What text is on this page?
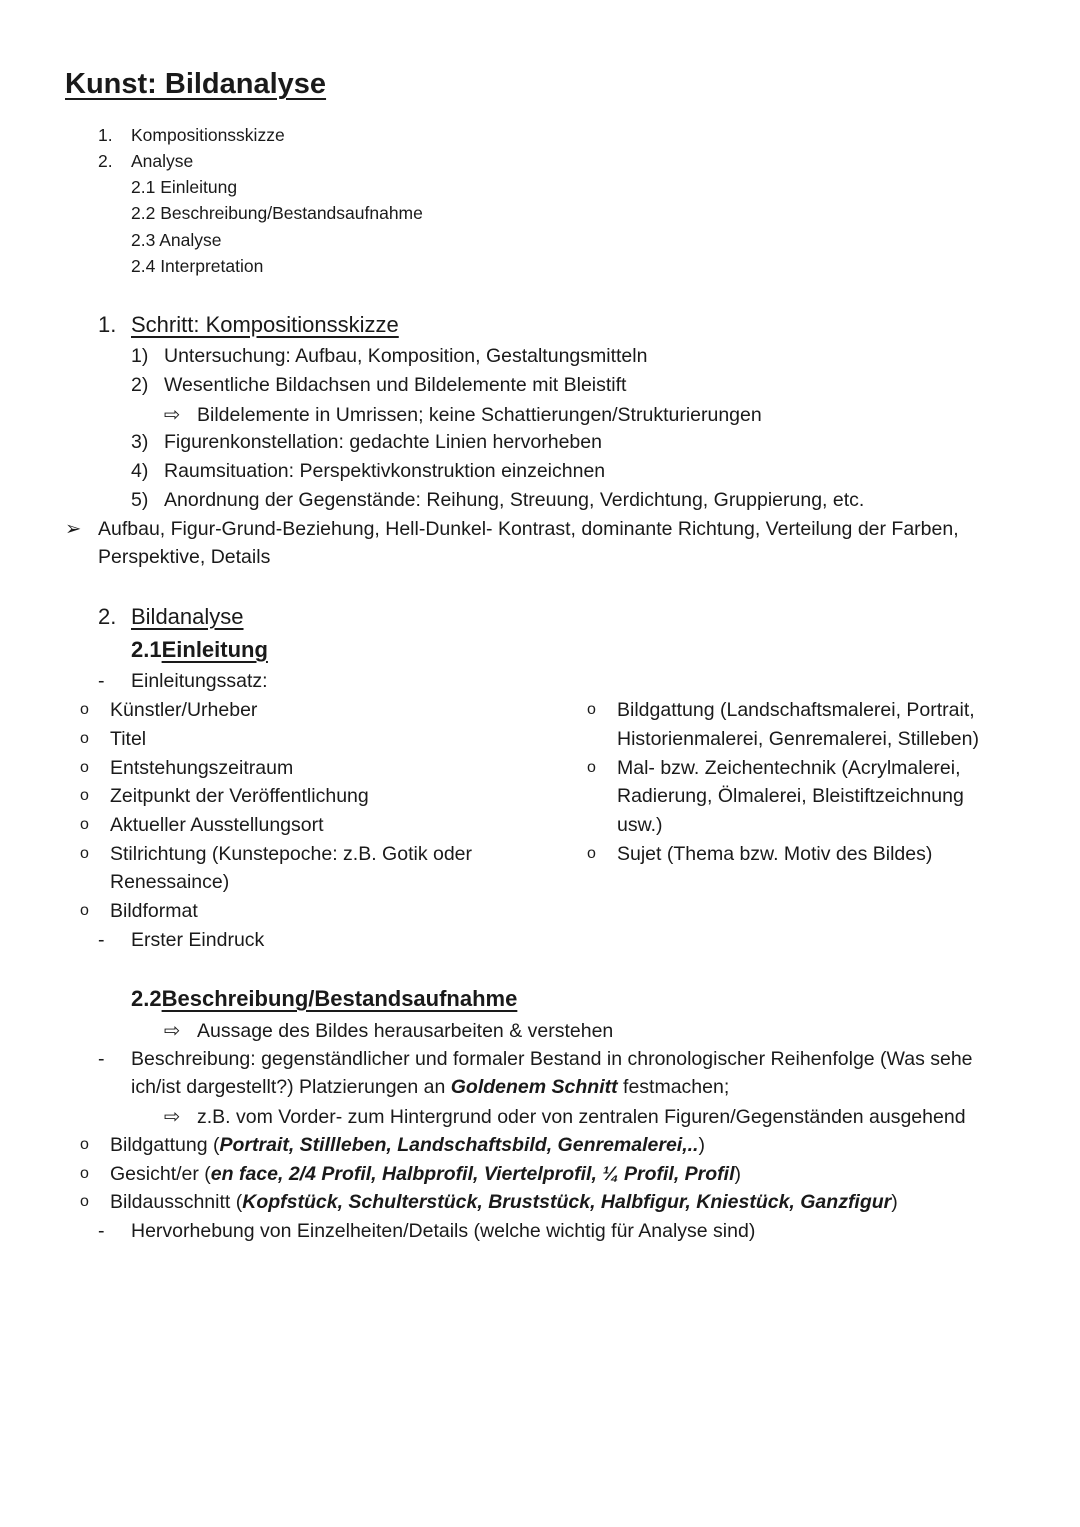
Kunst: Bildanalyse
1. Kompositionsskizze
2. Analyse
2.1 Einleitung
2.2 Beschreibung/Bestandsaufnahme
2.3 Analyse
2.4 Interpretation
1. Schritt: Kompositionsskizze
1) Untersuchung: Aufbau, Komposition, Gestaltungsmitteln
2) Wesentliche Bildachsen und Bildelemente mit Bleistift
⇨ Bildelemente in Umrissen; keine Schattierungen/Strukturierungen
3) Figurenkonstellation: gedachte Linien hervorheben
4) Raumsituation: Perspektivkonstruktion einzeichnen
5) Anordnung der Gegenstände: Reihung, Streuung, Verdichtung, Gruppierung, etc.
➢ Aufbau, Figur-Grund-Beziehung, Hell-Dunkel- Kontrast, dominante Richtung, Verteilung der Farben,
Perspektive, Details
2. Bildanalyse
2.1Einleitung
- Einleitungssatz:
o Künstler/Urheber
o Titel
o Entstehungszeitraum
o Zeitpunkt der Veröffentlichung
o Aktueller Ausstellungsort
o Stilrichtung (Kunstepoche: z.B. Gotik oder
Renessaince)
o Bildformat
- Erster Eindruck
o Bildgattung (Landschaftsmalerei, Portrait,
Historienmalerei, Genremalerei, Stilleben)
o Mal- bzw. Zeichentechnik (Acrylmalerei,
Radierung, Ölmalerei, Bleistiftzeichnung
usw.)
o Sujet (Thema bzw. Motiv des Bildes)
2.2Beschreibung/Bestandsaufnahme
⇨ Aussage des Bildes herausarbeiten & verstehen
- Beschreibung: gegenständlicher und formaler Bestand in chronologischer Reihenfolge (Was sehe
ich/ist dargestellt?) Platzierungen an Goldenem Schnitt festmachen;
⇨ z.B. vom Vorder- zum Hintergrund oder von zentralen Figuren/Gegenständen ausgehend
o Bildgattung (Portrait, Stillleben, Landschaftsbild, Genremalerei,..)
o Gesicht/er (en face, 2/4 Profil, Halbprofil, Viertelprofil, ¼ Profil, Profil)
o Bildausschnitt (Kopfstück, Schulterstück, Bruststück, Halbfigur, Kniestück, Ganzfigur)
- Hervorhebung von Einzelheiten/Details (welche wichtig für Analyse sind)
